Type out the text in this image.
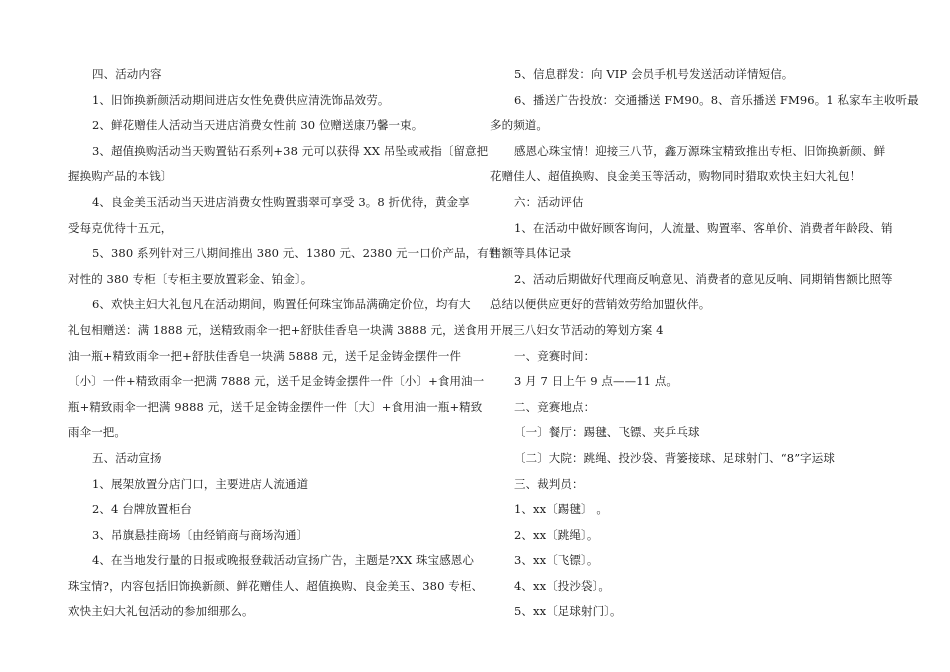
四、活动内容
1、旧饰换新颜活动期间进店女性免费供应清洗饰品效劳。
2、鲜花赠佳人活动当天进店消费女性前 30 位赠送康乃馨一束。
3、超值换购活动当天购置钻石系列+38 元可以获得 XX 吊坠或戒指〔留意把
握换购产品的本钱〕
4、良金美玉活动当天进店消费女性购置翡翠可享受 3。8 折优待，黄金享
受每克优待十五元，
5、380 系列针对三八期间推出 380 元、1380 元、2380 元一口价产品，有针
对性的 380 专柜〔专柜主要放置彩金、铂金〕。
6、欢快主妇大礼包凡在活动期间，购置任何珠宝饰品满确定价位，均有大
礼包相赠送：满 1888 元，送精致雨伞一把+舒肤佳香皂一块满 3888 元，送食用
油一瓶+精致雨伞一把+舒肤佳香皂一块满 5888 元，送千足金铸金摆件一件
〔小〕一件+精致雨伞一把满 7888 元，送千足金铸金摆件一件〔小〕+食用油一
瓶+精致雨伞一把满 9888 元，送千足金铸金摆件一件〔大〕+食用油一瓶+精致
雨伞一把。
五、活动宣扬
1、展架放置分店门口，主要进店人流通道
2、4 台牌放置柜台
3、吊旗悬挂商场〔由经销商与商场沟通〕
4、在当地发行量的日报或晚报登载活动宣扬广告，主题是?XX 珠宝感恩心
珠宝情?，内容包括旧饰换新颜、鲜花赠佳人、超值换购、良金美玉、380 专柜、
欢快主妇大礼包活动的参加细那么。
5、信息群发：向 VIP 会员手机号发送活动详情短信。
6、播送广告投放：交通播送 FM90。8、音乐播送 FM96。1 私家车主收听最
多的频道。
感恩心珠宝情！迎接三八节，鑫万源珠宝精致推出专柜、旧饰换新颜、鲜
花赠佳人、超值换购、良金美玉等活动，购物同时猎取欢快主妇大礼包！
六：活动评估
1、在活动中做好顾客询问，人流量、购置率、客单价、消费者年龄段、销
售额等具体记录
2、活动后期做好代理商反响意见、消费者的意见反响、同期销售额比照等
总结以便供应更好的营销效劳给加盟伙伴。
开展三八妇女节活动的筹划方案 4
一、竞赛时间：
3 月 7 日上午 9 点——11 点。
二、竞赛地点：
〔一〕餐厅：踢毽、飞镖、夹乒乓球
〔二〕大院：跳绳、投沙袋、背篓接球、足球射门、“8”字运球
三、裁判员：
1、xx〔踢毽〕 。
2、xx〔跳绳〕。
3、xx〔飞镖〕。
4、xx〔投沙袋〕。
5、xx〔足球射门〕。
